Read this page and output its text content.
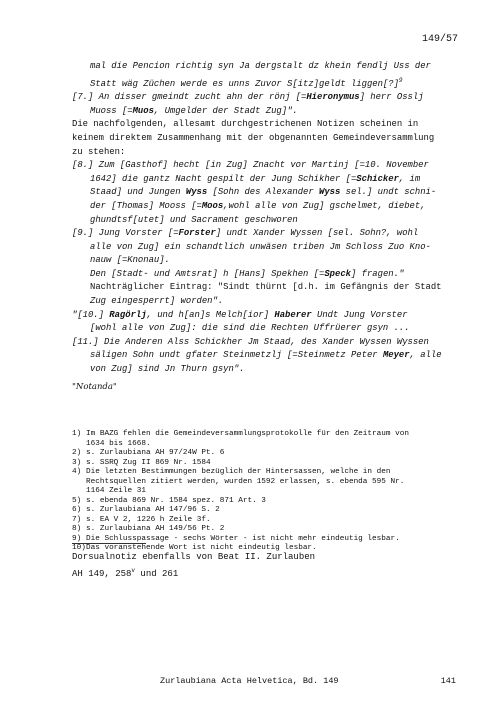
149/57
mal die Pencion richtig syn Ja dergstalt dz khein fendlj Uss der
Statt wäg Züchen werde es unns Zuvor S[itz]geldt liggen[?]$^9$
[7.] An disser gmeindt zucht ahn der rönj [=Hieronymus] herr Osslj
Muoss [=Muos, Umgelder der Stadt Zug]".
Die nachfolgenden, allesamt durchgestrichenen Notizen scheinen in
keinem direktem Zusammenhang mit der obgenannten Gemeindeversammlung
zu stehen:
[8.] Zum [Gasthof] hecht [in Zug] Znacht vor Martinj [=10. November
1642] die gantz Nacht gespilt der Jung Schikher [=Schicker, im
Staad] und Jungen Wyss [Sohn des Alexander Wyss sel.] undt schni-
der [Thomas] Mooss [=Moos,wohl alle von Zug] gschelmet, diebet,
ghundtsf[utet] und Sacrament geschworen
[9.] Jung Vorster [=Forster] undt Xander Wyssen [sel. Sohn?, wohl
alle von Zug] ein schandtlich unwäsen triben Jm Schloss Zuo Kno-
nauw [=Knonau].
Den [Stadt- und Amtsrat] h [Hans] Spekhen [=Speck] fragen."
Nachträglicher Eintrag: "Sindt thürnt [d.h. im Gefängnis der Stadt
Zug eingesperrt] worden".
"[10.] Ragörlj, und h[an]s Melch[ior] Haberer Undt Jung Vorster
[wohl alle von Zug]: die sind die Rechten Uffrüerer gsyn ...
[11.] Die Anderen Alss Schickher Jm Staad, des Xander Wyssen Wyssen
säligen Sohn undt gfater Steinmetzlj [=Steinmetz Peter Meyer, alle
von Zug] sind Jn Thurn gsyn".
"Notanda"
1) Im BAZG fehlen die Gemeindeversammlungsprotokolle für den Zeitraum von
1634 bis 1668.
2) s. Zurlaubiana AH 97/24W Pt. 6
3) s. SSRQ Zug II 869 Nr. 1584
4) Die letzten Bestimmungen bezüglich der Hintersassen, welche in den
Rechtsquellen zitiert werden, wurden 1592 erlassen, s. ebenda 595 Nr.
1164 Zeile 31
5) s. ebenda 869 Nr. 1584 spez. 871 Art. 3
6) s. Zurlaubiana AH 147/96 S. 2
7) s. EA V 2, 1226 h Zeile 3f.
8) s. Zurlaubiana AH 149/56 Pt. 2
9) Die Schlusspassage - sechs Wörter - ist nicht mehr eindeutig lesbar.
10) Das voranstehende Wort ist nicht eindeutig lesbar.
Dorsualnotiz ebenfalls von Beat II. Zurlauben
AH 149, 258$^v$ und 261
Zurlaubiana Acta Helvetica, Bd. 149	141
